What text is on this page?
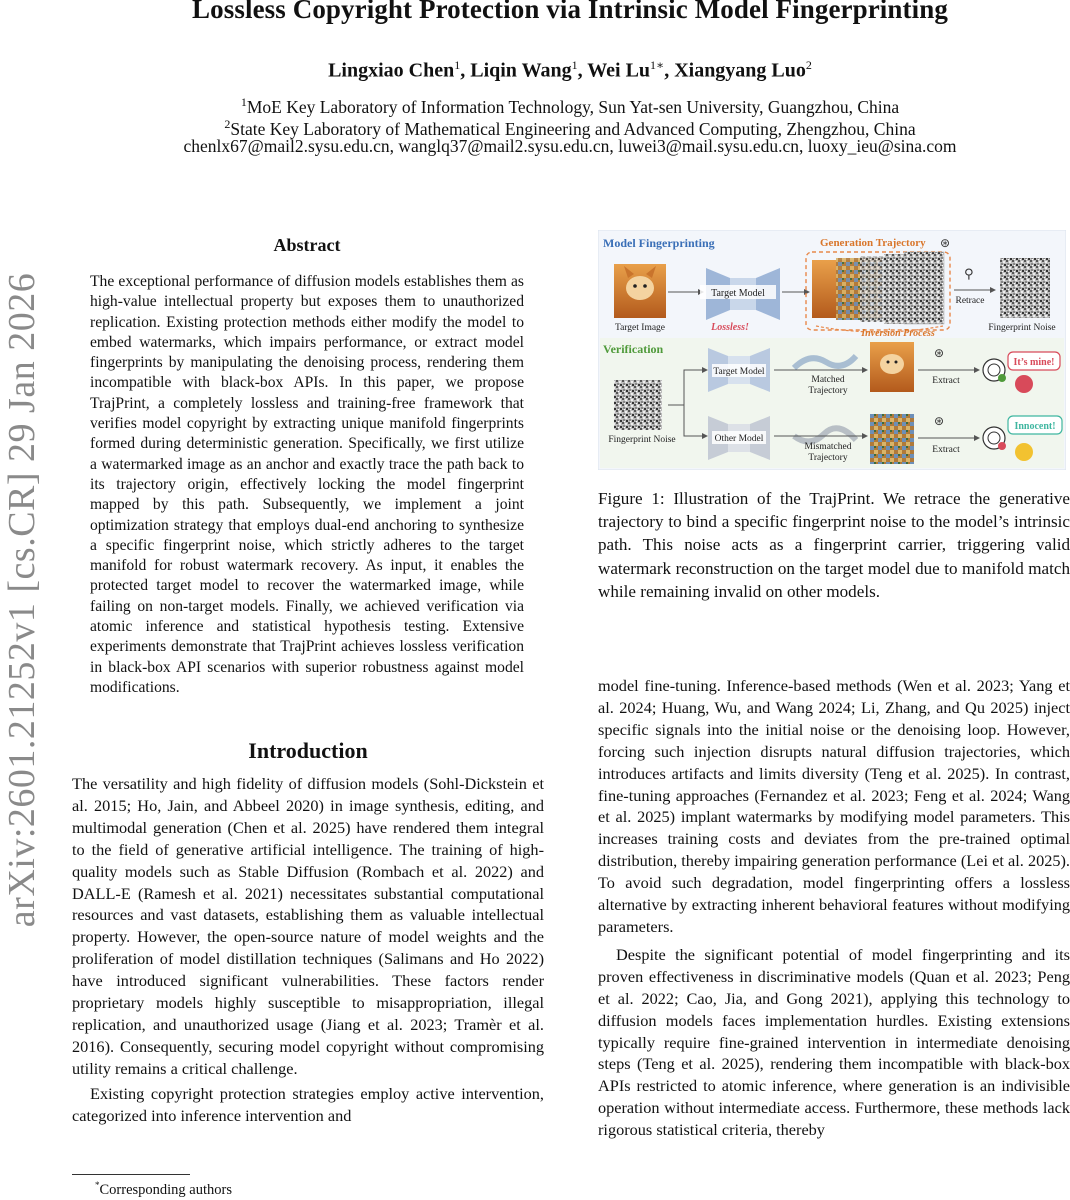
Lossless Copyright Protection via Intrinsic Model Fingerprinting
Lingxiao Chen$^1$, Liqin Wang$^1$, Wei $Lu^{1∗}$, Xiangyang Luo$^2$
$^1$MoE Key Laboratory of Information Technology, Sun Yat-sen University, Guangzhou, China
$^2$State Key Laboratory of Mathematical Engineering and Advanced Computing, Zhengzhou, China
chenlx67@mail2.sysu.edu.cn, wanglq37@mail2.sysu.edu.cn, luwei3@mail.sysu.edu.cn, luoxy_ieu@sina.com
arXiv:2601.21252v1 [cs.CR] 29 Jan 2026
Abstract
The exceptional performance of diffusion models establishes them as high-value intellectual property but exposes them to unauthorized replication. Existing protection methods either modify the model to embed watermarks, which impairs performance, or extract model fingerprints by manipulating the denoising process, rendering them incompatible with black-box APIs. In this paper, we propose TrajPrint, a completely lossless and training-free framework that verifies model copyright by extracting unique manifold fingerprints formed during deterministic generation. Specifically, we first utilize a watermarked image as an anchor and exactly trace the path back to its trajectory origin, effectively locking the model fingerprint mapped by this path. Subsequently, we implement a joint optimization strategy that employs dual-end anchoring to synthesize a specific fingerprint noise, which strictly adheres to the target manifold for robust watermark recovery. As input, it enables the protected target model to recover the watermarked image, while failing on non-target models. Finally, we achieved verification via atomic inference and statistical hypothesis testing. Extensive experiments demonstrate that TrajPrint achieves lossless verification in black-box API scenarios with superior robustness against model modifications.
Introduction

The versatility and high fidelity of diffusion models (Sohl-Dickstein et al. 2015; Ho, Jain, and Abbeel 2020) in image synthesis, editing, and multimodal generation (Chen et al. 2025) have rendered them integral to the field of generative artificial intelligence. The training of high-quality models such as Stable Diffusion (Rombach et al. 2022) and DALL-E (Ramesh et al. 2021) necessitates substantial computational resources and vast datasets, establishing them as valuable intellectual property. However, the open-source nature of model weights and the proliferation of model distillation techniques (Salimans and Ho 2022) have introduced significant vulnerabilities. These factors render proprietary models highly susceptible to misappropriation, illegal replication, and unauthorized usage (Jiang et al. 2023; Tramèr et al. 2016). Consequently, securing model copyright without compromising utility remains a critical challenge.

Existing copyright protection strategies employ active intervention, categorized into inference intervention and

*Corresponding authors
Model Fingerprinting	Generation Trajectory ⊛
Target Image
Target Model
Lossless!
Inversion Process
⚲
Retrace
Fingerprint Noise
Verification
Fingerprint Noise
Target Model
Other Model
Matched
Trajectory
Mismatched
Trajectory
⊛
Extract
⊛
Extract
It’s mine!
Innocent!
Figure 1: Illustration of the TrajPrint. We retrace the generative trajectory to bind a specific fingerprint noise to the model’s intrinsic path. This noise acts as a fingerprint carrier, triggering valid watermark reconstruction on the target model due to manifold match while remaining invalid on other models.

model fine-tuning. Inference-based methods (Wen et al. 2023; Yang et al. 2024; Huang, Wu, and Wang 2024; Li, Zhang, and Qu 2025) inject specific signals into the initial noise or the denoising loop. However, forcing such injection disrupts natural diffusion trajectories, which introduces artifacts and limits diversity (Teng et al. 2025). In contrast, fine-tuning approaches (Fernandez et al. 2023; Feng et al. 2024; Wang et al. 2025) implant watermarks by modifying model parameters. This increases training costs and deviates from the pre-trained optimal distribution, thereby impairing generation performance (Lei et al. 2025). To avoid such degradation, model fingerprinting offers a lossless alternative by extracting inherent behavioral features without modifying parameters.

Despite the significant potential of model fingerprinting and its proven effectiveness in discriminative models (Quan et al. 2023; Peng et al. 2022; Cao, Jia, and Gong 2021), applying this technology to diffusion models faces implementation hurdles. Existing extensions typically require fine-grained intervention in intermediate denoising steps (Teng et al. 2025), rendering them incompatible with black-box APIs restricted to atomic inference, where generation is an indivisible operation without intermediate access. Furthermore, these methods lack rigorous statistical criteria, thereby
